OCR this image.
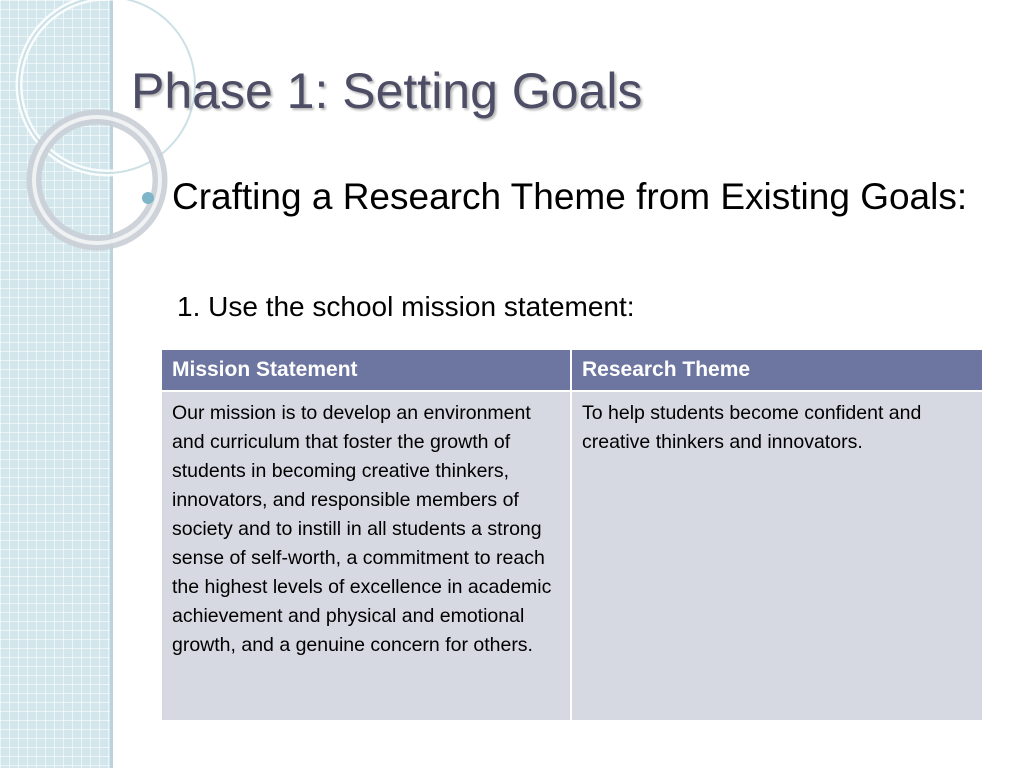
Phase 1: Setting Goals
Crafting a Research Theme from Existing Goals:
1. Use the school mission statement:
Mission Statement	Research Theme
Our mission is to develop an environment and curriculum that foster the growth of students in becoming creative thinkers, innovators, and responsible members of society and to instill in all students a strong sense of self-worth, a commitment to reach the highest levels of excellence in academic achievement and physical and emotional growth, and a genuine concern for others.	To help students become confident and creative thinkers and innovators.
